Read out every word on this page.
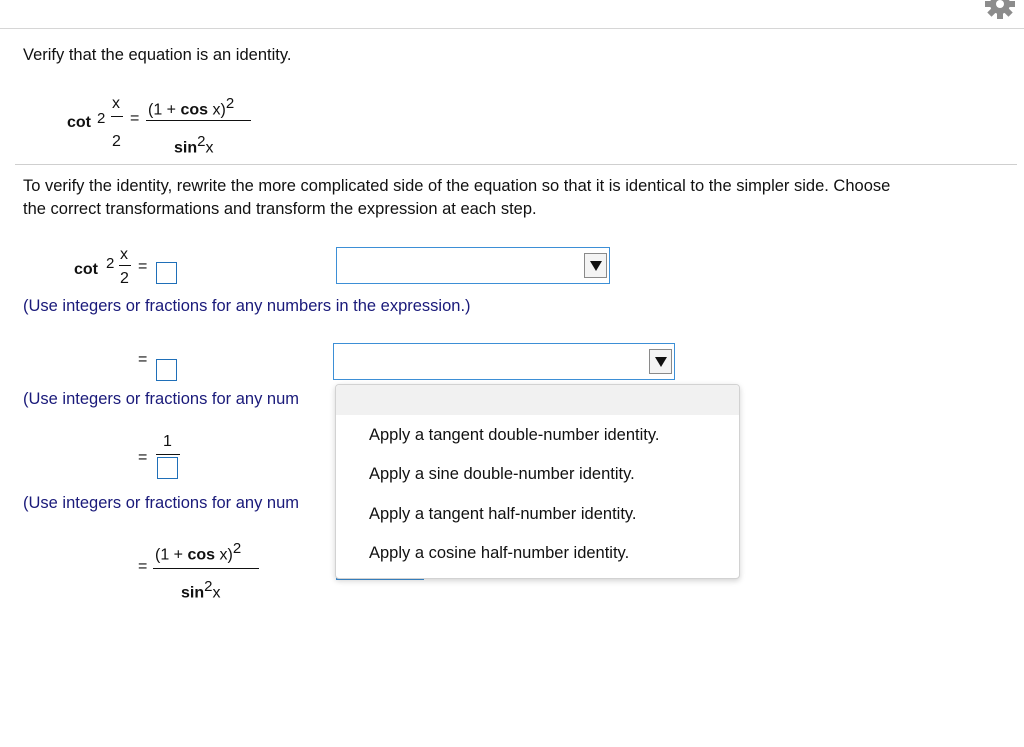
Verify that the equation is an identity.
cot 2
x
2
=
$(1 + \cos x)^2$
$\sin^2x$
To verify the identity, rewrite the more complicated side of the equation so that it is identical to the simpler side. Choose
the correct transformations and transform the expression at each step.
cot 2
x
2
=
(Use integers or fractions for any numbers in the expression.)
=
(Use integers or fractions for any num
1
=
(Use integers or fractions for any num
=
$(1 + \cos x)^2$
$\sin^2x$
Apply a tangent double-number identity.
Apply a sine double-number identity.
Apply a tangent half-number identity.
Apply a cosine half-number identity.
